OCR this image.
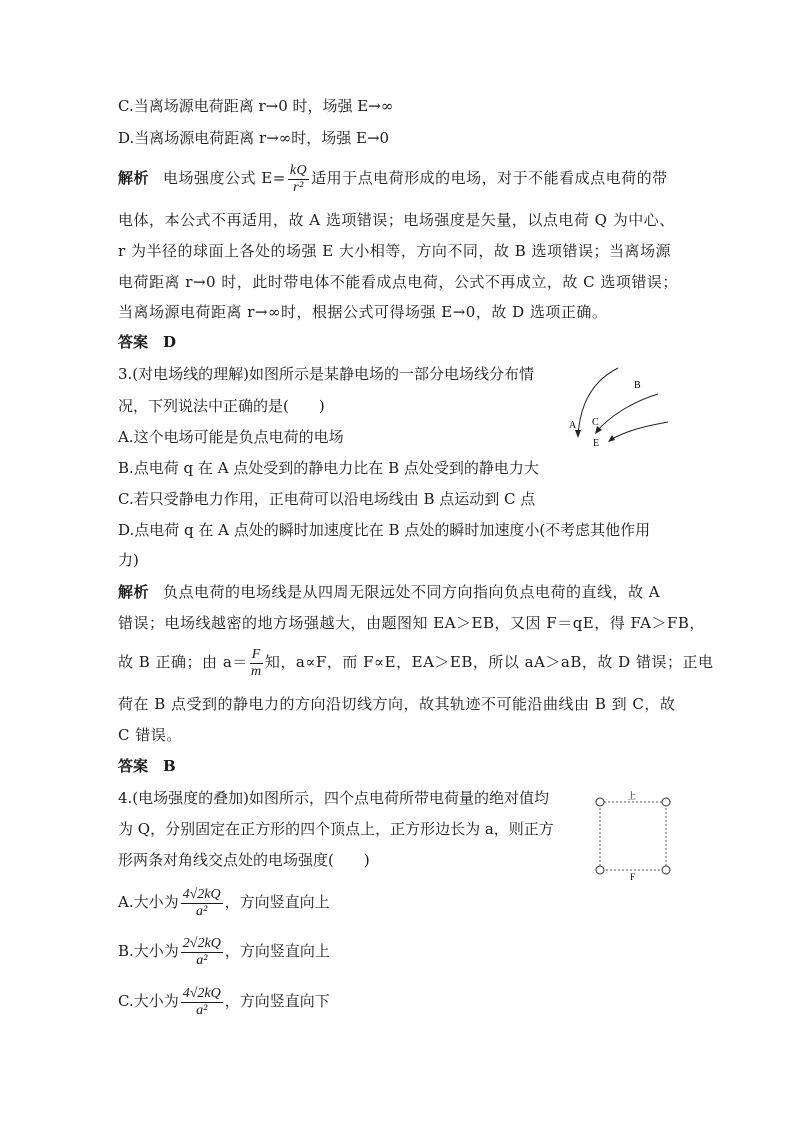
C.当离场源电荷距离 r→0 时，场强 E→∞
D.当离场源电荷距离 r→∞时，场强 E→0
解析 电场强度公式 $E= \frac{kQ}{\text{r²}}$ 适用于点电荷形成的电场，对于不能看成点电荷的带
电体，本公式不再适用，故 A 选项错误；电场强度是矢量，以点电荷 Q 为中心、
r 为半径的球面上各处的场强 E 大小相等，方向不同，故 B 选项错误；当离场源
电荷距离 r→0 时，此时带电体不能看成点电荷，公式不再成立，故 C 选项错误；
当离场源电荷距离 r→∞时，根据公式可得场强 E→0，故 D 选项正确。
答案　D
3.(对电场线的理解)如图所示是某静电场的一部分电场线分布情
况，下列说法中正确的是(　　)
A.这个电场可能是负点电荷的电场
B.点电荷 q 在 A 点处受到的静电力比在 B 点处受到的静电力大
C.若只受静电力作用，正电荷可以沿电场线由 B 点运动到 C 点
D.点电荷 q 在 A 点处的瞬时加速度比在 B 点处的瞬时加速度小(不考虑其他作用
力)
A
B
C
E
解析 负点电荷的电场线是从四周无限远处不同方向指向负点电荷的直线，故 A
错误；电场线越密的地方场强越大，由题图知 EA＞EB，又因 F＝qE，得 FA＞FB，
故 B 正确；由 $a= \frac{F}{m}$ 知，a∝F，而 F∝E，EA＞EB，所以 aA＞aB，故 D 错误；正电
荷在 B 点受到的静电力的方向沿切线方向，故其轨迹不可能沿曲线由 B 到 C，故
C 错误。
答案　B
4.(电场强度的叠加)如图所示，四个点电荷所带电荷量的绝对值均
为 Q，分别固定在正方形的四个顶点上，正方形边长为 a，则正方
形两条对角线交点处的电场强度(　　)
上
F
A.大小为 $\frac{4√2kQ}{\text{a²}}$ ，方向竖直向上
B.大小为 $\frac{2√2kQ}{\text{a²}}$ ，方向竖直向上
C.大小为 $\frac{4√2kQ}{\text{a²}}$ ，方向竖直向下
